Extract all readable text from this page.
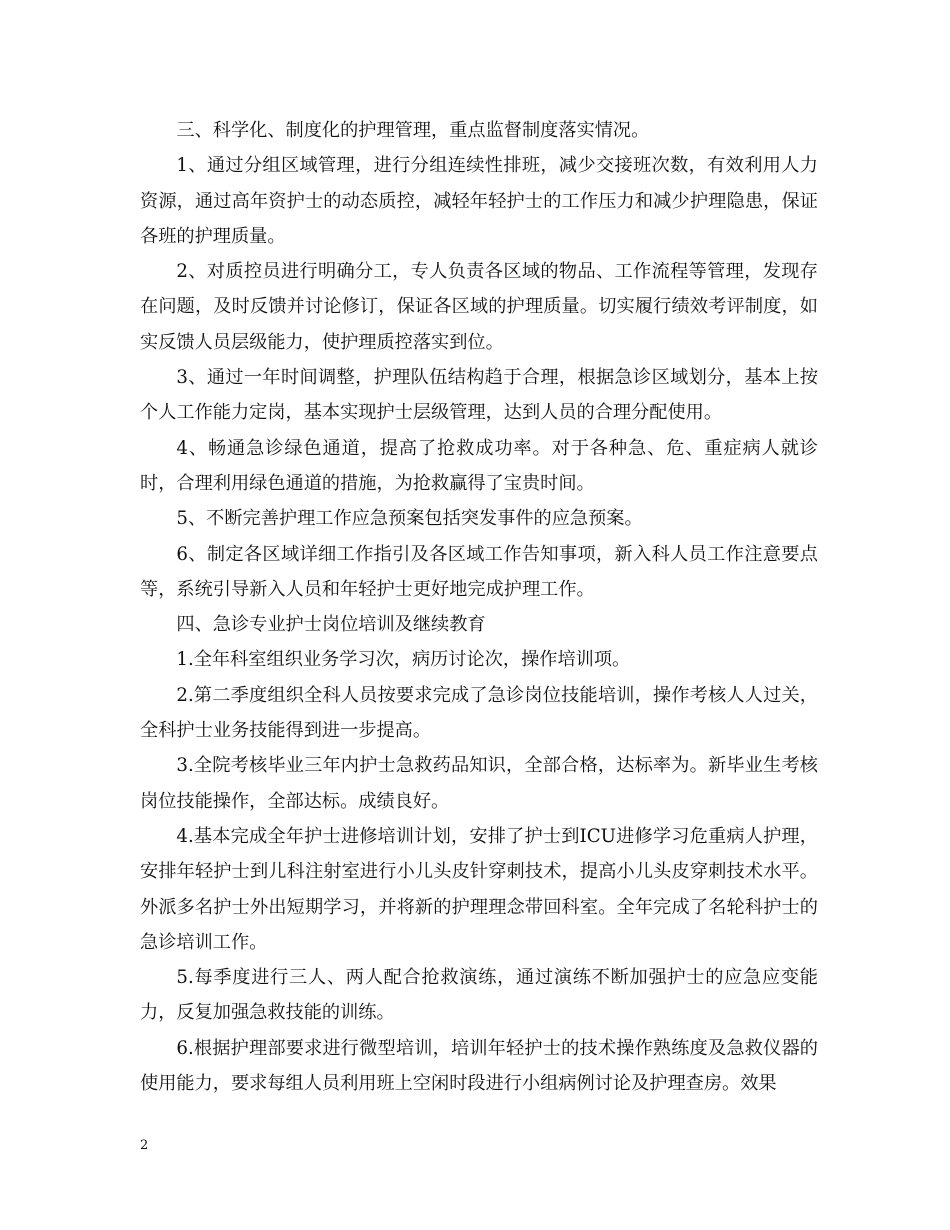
三、科学化、制度化的护理管理，重点监督制度落实情况。

1、通过分组区域管理，进行分组连续性排班，减少交接班次数，有效利用人力资源，通过高年资护士的动态质控，减轻年轻护士的工作压力和减少护理隐患，保证各班的护理质量。

2、对质控员进行明确分工，专人负责各区域的物品、工作流程等管理，发现存在问题，及时反馈并讨论修订，保证各区域的护理质量。切实履行绩效考评制度，如实反馈人员层级能力，使护理质控落实到位。

3、通过一年时间调整，护理队伍结构趋于合理，根据急诊区域划分，基本上按个人工作能力定岗，基本实现护士层级管理，达到人员的合理分配使用。

4、畅通急诊绿色通道，提高了抢救成功率。对于各种急、危、重症病人就诊时，合理利用绿色通道的措施，为抢救赢得了宝贵时间。

5、不断完善护理工作应急预案包括突发事件的应急预案。

6、制定各区域详细工作指引及各区域工作告知事项，新入科人员工作注意要点等，系统引导新入人员和年轻护士更好地完成护理工作。

四、急诊专业护士岗位培训及继续教育

1.全年科室组织业务学习次，病历讨论次，操作培训项。

2.第二季度组织全科人员按要求完成了急诊岗位技能培训，操作考核人人过关，全科护士业务技能得到进一步提高。

3.全院考核毕业三年内护士急救药品知识，全部合格，达标率为。新毕业生考核岗位技能操作，全部达标。成绩良好。

4.基本完成全年护士进修培训计划，安排了护士到ICU进修学习危重病人护理，安排年轻护士到儿科注射室进行小儿头皮针穿刺技术，提高小儿头皮穿刺技术水平。外派多名护士外出短期学习，并将新的护理理念带回科室。全年完成了名轮科护士的急诊培训工作。

5.每季度进行三人、两人配合抢救演练，通过演练不断加强护士的应急应变能力，反复加强急救技能的训练。

6.根据护理部要求进行微型培训，培训年轻护士的技术操作熟练度及急救仪器的使用能力，要求每组人员利用班上空闲时段进行小组病例讨论及护理查房。效果

2
